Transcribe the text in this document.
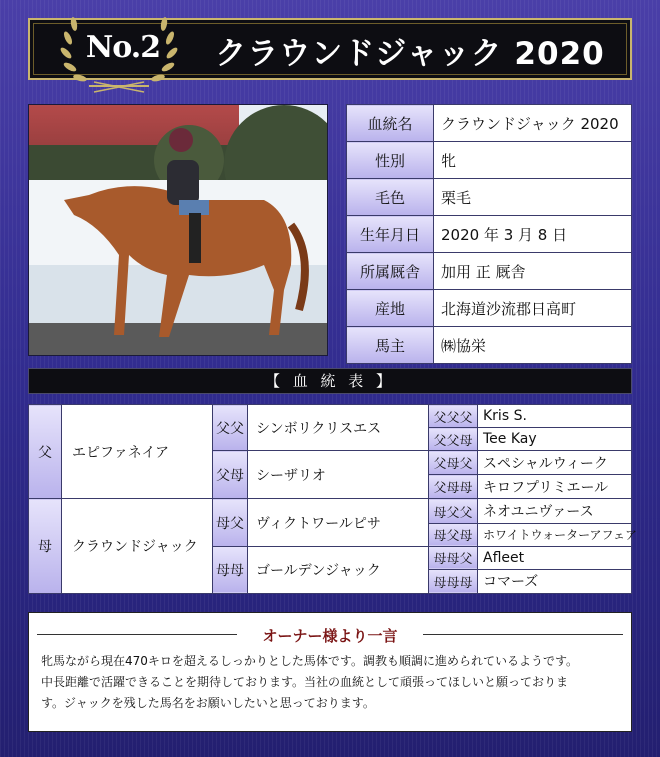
No.2	クラウンドジャック 2020
血統名	クラウンドジャック 2020
性別	牝
毛色	栗毛
生年月日	2020 年 3 月 8 日
所属厩舎	加用 正 厩舎
産地	北海道沙流郡日高町
馬主	㈱協栄
【 血 統 表 】
父	エピファネイア	父父	シンボリクリスエス	父父父	Kris S.
				父父母	Tee Kay
		父母	シーザリオ	父母父	スペシャルウィーク
				父母母	キロフプリミエール
母	クラウンドジャック	母父	ヴィクトワールピサ	母父父	ネオユニヴァース
				母父母	ホワイトウォーターアフェア
		母母	ゴールデンジャック	母母父	Afleet
				母母母	コマーズ
オーナー様より一言
牝馬ながら現在470キロを超えるしっかりとした馬体です。調教も順調に進められているようです。
中長距離で活躍できることを期待しております。当社の血統として頑張ってほしいと願っておりま
す。ジャックを残した馬名をお願いしたいと思っております。
